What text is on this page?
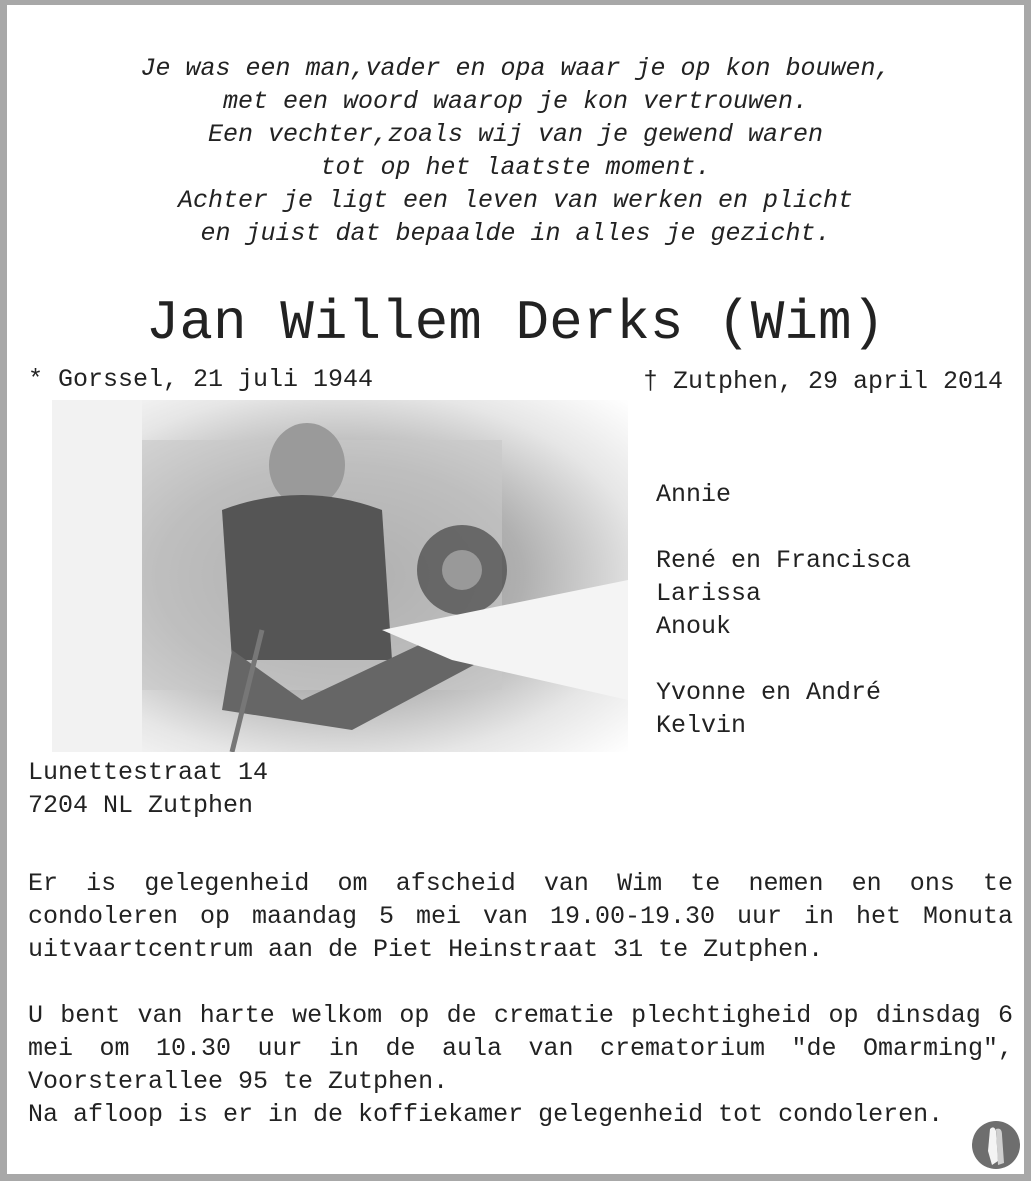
Je was een man,vader en opa waar je op kon bouwen,
met een woord waarop je kon vertrouwen.
Een vechter,zoals wij van je gewend waren
tot op het laatste moment.
Achter je ligt een leven van werken en plicht
en juist dat bepaalde in alles je gezicht.
Jan Willem Derks (Wim)
* Gorssel, 21 juli 1944	† Zutphen, 29 april 2014
Annie
René en Francisca
Larissa
Anouk
Yvonne en André
Kelvin
Lunettestraat 14
7204 NL Zutphen
Er is gelegenheid om afscheid van Wim te nemen en ons te condoleren op maandag 5 mei van 19.00-19.30 uur in het Monuta uitvaartcentrum aan de Piet Heinstraat 31 te Zutphen.
U bent van harte welkom op de crematie plechtigheid op dinsdag 6 mei om 10.30 uur in de aula van crematorium "de Omarming", Voorsterallee 95 te Zutphen.
Na afloop is er in de koffiekamer gelegenheid tot condoleren.
